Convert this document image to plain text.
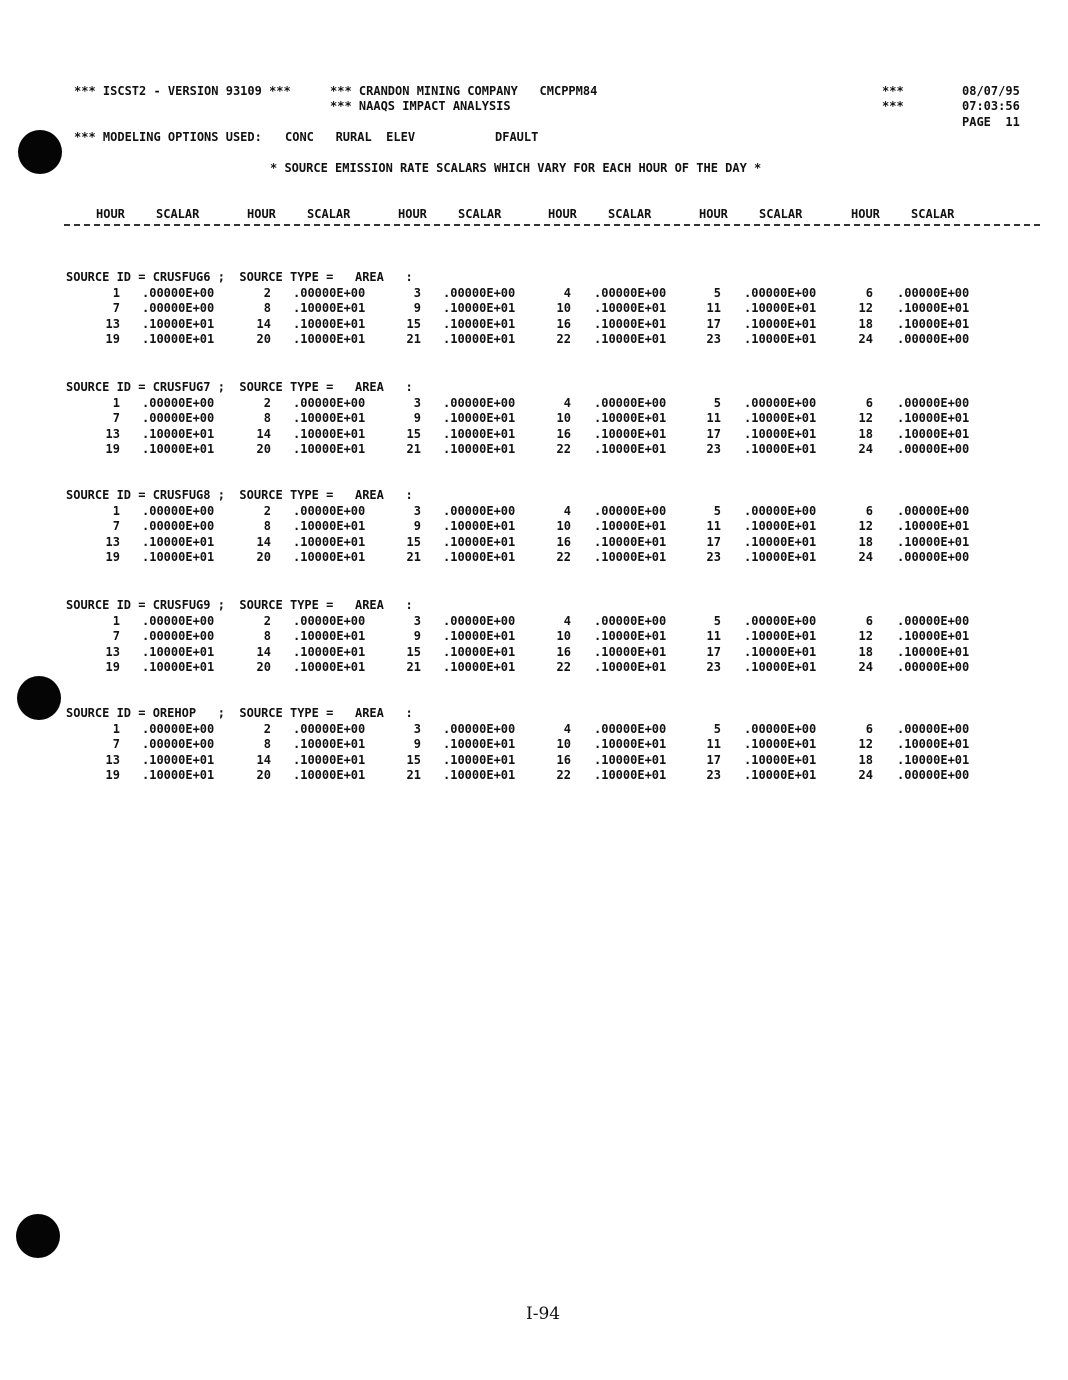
*** ISCST2 - VERSION 93109 ***	*** CRANDON MINING COMPANY   CMCPPM84
*** NAAQS IMPACT ANALYSIS
***
***
08/07/95
07:03:56
PAGE  11
*** MODELING OPTIONS USED: CONC   RURAL  ELEV	DFAULT
* SOURCE EMISSION RATE SCALARS WHICH VARY FOR EACH HOUR OF THE DAY *
HOUR	SCALAR	HOUR	SCALAR	HOUR	SCALAR	HOUR	SCALAR	HOUR	SCALAR	HOUR	SCALAR
SOURCE ID = CRUSFUG6 ;  SOURCE TYPE =   AREA   :
1 .00000E+00	2 .00000E+00	3 .00000E+00	4 .00000E+00	5 .00000E+00	6 .00000E+00
7 .00000E+00	8 .10000E+01	9 .10000E+01	10 .10000E+01	11 .10000E+01	12 .10000E+01
13 .10000E+01	14 .10000E+01	15 .10000E+01	16 .10000E+01	17 .10000E+01	18 .10000E+01
19 .10000E+01	20 .10000E+01	21 .10000E+01	22 .10000E+01	23 .10000E+01	24 .00000E+00
SOURCE ID = CRUSFUG7 ;  SOURCE TYPE =   AREA   :
1 .00000E+00	2 .00000E+00	3 .00000E+00	4 .00000E+00	5 .00000E+00	6 .00000E+00
7 .00000E+00	8 .10000E+01	9 .10000E+01	10 .10000E+01	11 .10000E+01	12 .10000E+01
13 .10000E+01	14 .10000E+01	15 .10000E+01	16 .10000E+01	17 .10000E+01	18 .10000E+01
19 .10000E+01	20 .10000E+01	21 .10000E+01	22 .10000E+01	23 .10000E+01	24 .00000E+00
SOURCE ID = CRUSFUG8 ;  SOURCE TYPE =   AREA   :
1 .00000E+00	2 .00000E+00	3 .00000E+00	4 .00000E+00	5 .00000E+00	6 .00000E+00
7 .00000E+00	8 .10000E+01	9 .10000E+01	10 .10000E+01	11 .10000E+01	12 .10000E+01
13 .10000E+01	14 .10000E+01	15 .10000E+01	16 .10000E+01	17 .10000E+01	18 .10000E+01
19 .10000E+01	20 .10000E+01	21 .10000E+01	22 .10000E+01	23 .10000E+01	24 .00000E+00
SOURCE ID = CRUSFUG9 ;  SOURCE TYPE =   AREA   :
1 .00000E+00	2 .00000E+00	3 .00000E+00	4 .00000E+00	5 .00000E+00	6 .00000E+00
7 .00000E+00	8 .10000E+01	9 .10000E+01	10 .10000E+01	11 .10000E+01	12 .10000E+01
13 .10000E+01	14 .10000E+01	15 .10000E+01	16 .10000E+01	17 .10000E+01	18 .10000E+01
19 .10000E+01	20 .10000E+01	21 .10000E+01	22 .10000E+01	23 .10000E+01	24 .00000E+00
SOURCE ID = OREHOP   ;  SOURCE TYPE =   AREA   :
1 .00000E+00	2 .00000E+00	3 .00000E+00	4 .00000E+00	5 .00000E+00	6 .00000E+00
7 .00000E+00	8 .10000E+01	9 .10000E+01	10 .10000E+01	11 .10000E+01	12 .10000E+01
13 .10000E+01	14 .10000E+01	15 .10000E+01	16 .10000E+01	17 .10000E+01	18 .10000E+01
19 .10000E+01	20 .10000E+01	21 .10000E+01	22 .10000E+01	23 .10000E+01	24 .00000E+00
I-94
